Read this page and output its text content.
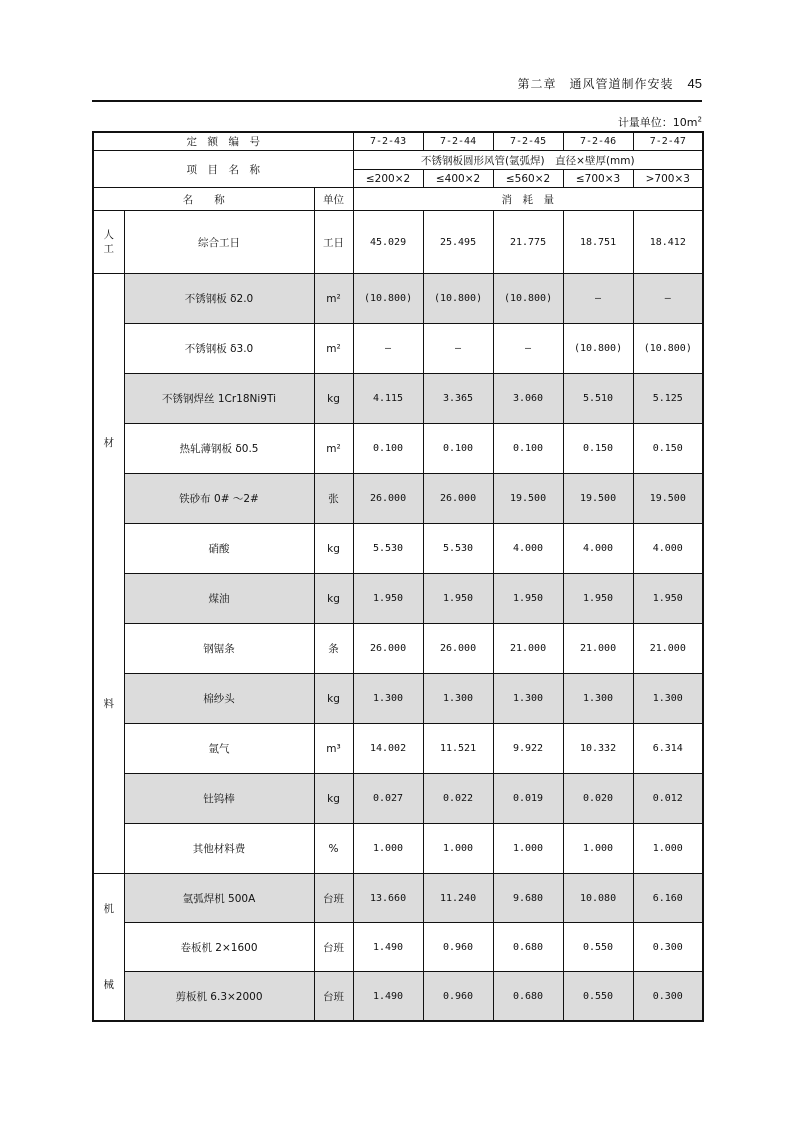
第二章　通风管道制作安装 45
计量单位：$10m^2$
定　额　编　号			7-2-43	7-2-44	7-2-45	7-2-46	7-2-47
项　目　名　称			不锈钢板圆形风管(氩弧焊)　直径×壁厚(mm)				
			≤200×2	≤400×2	≤560×2	≤700×3	>700×3
名　　称		单位	消　耗　量				

人
工	综合工日	工日	45.029	25.495	21.775	18.751	18.412

材
料	不锈钢板 δ2.0	m²	(10.800)	(10.800)	(10.800)	—	—
	不锈钢板 δ3.0	m²	—	—	—	(10.800)	(10.800)
	不锈钢焊丝 1Cr18Ni9Ti	kg	4.115	3.365	3.060	5.510	5.125
	热轧薄钢板 δ0.5	m²	0.100	0.100	0.100	0.150	0.150
	铁砂布 0# ～2#	张	26.000	26.000	19.500	19.500	19.500
	硝酸	kg	5.530	5.530	4.000	4.000	4.000
	煤油	kg	1.950	1.950	1.950	1.950	1.950
	钢锯条	条	26.000	26.000	21.000	21.000	21.000
	棉纱头	kg	1.300	1.300	1.300	1.300	1.300
	氩气	m³	14.002	11.521	9.922	10.332	6.314
	钍钨棒	kg	0.027	0.022	0.019	0.020	0.012
	其他材料费	%	1.000	1.000	1.000	1.000	1.000

机
械	氩弧焊机 500A	台班	13.660	11.240	9.680	10.080	6.160
	卷板机 2×1600	台班	1.490	0.960	0.680	0.550	0.300
	剪板机 6.3×2000	台班	1.490	0.960	0.680	0.550	0.300
